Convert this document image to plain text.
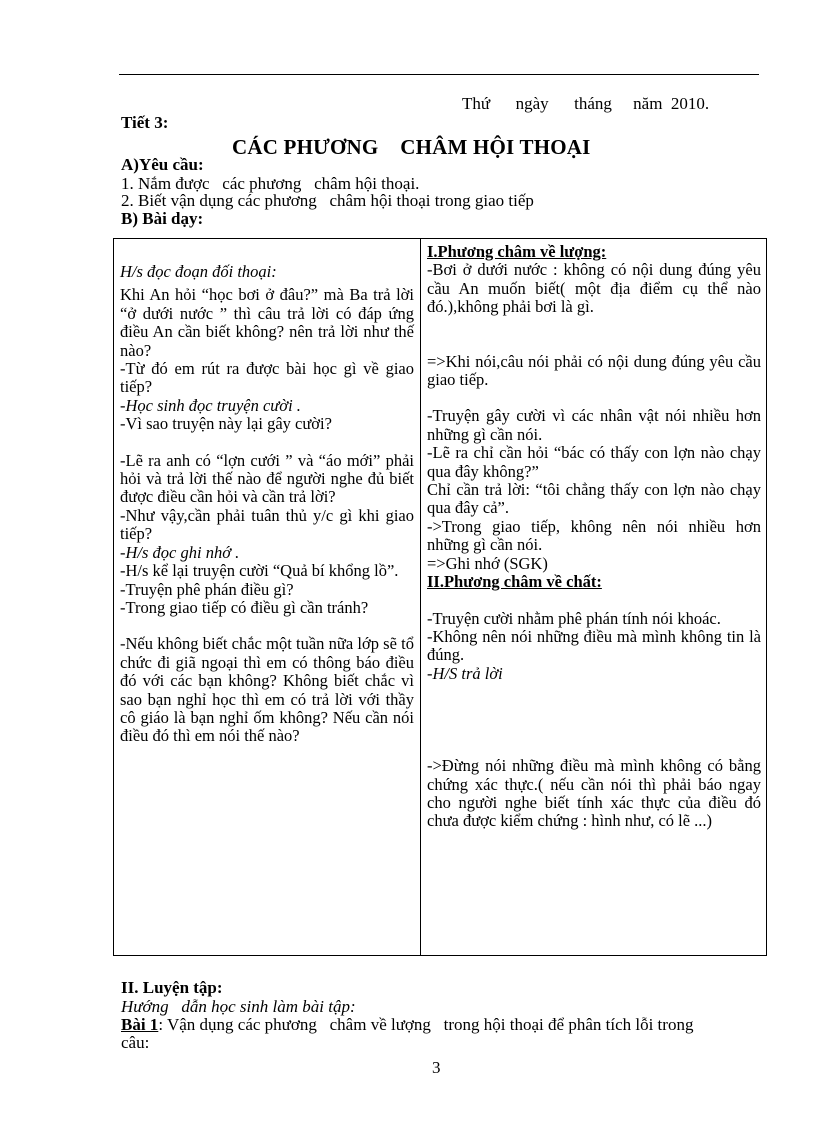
Thứ      ngày      tháng     năm  2010.
Tiết 3:
CÁC PHƯƠNG    CHÂM HỘI THOẠI
A)Yêu cầu:
1. Nắm được   các phương   châm hội thoại.
2. Biết vận dụng các phương   châm hội thoại trong giao tiếp
B) Bài dạy:

H/s đọc đoạn đối thoại:

Khi An hỏi “học bơi ở đâu?” mà Ba trả lời “ở dưới nước ” thì câu trả lời có đáp ứng điều An cần biết không? nên trả lời như thế nào?

-Từ đó em rút ra được bài học gì về giao tiếp?

-Học sinh đọc truyện cười .

-Vì sao truyện này lại gây cười?

-Lẽ ra anh có “lợn cưới ” và “áo mới” phải hỏi và trả lời thế nào để người nghe đủ biết được điều cần hỏi và cần trả lời?

-Như vậy,cần phải tuân thủ y/c gì khi giao tiếp?

-H/s đọc ghi nhớ .

-H/s kể lại truyện cười “Quả bí khổng lồ”.

-Truyện phê phán điều gì?

-Trong giao tiếp có điều gì cần tránh?

-Nếu không biết chắc một tuần nữa lớp sẽ tổ chức đi giã ngoại thì em có thông báo điều đó với các bạn không? Không biết chắc vì sao bạn nghỉ học thì em có trả lời với thầy cô giáo là bạn nghỉ ốm không? Nếu cần nói điều đó thì em nói thế nào?

I.Phương châm về lượng:

-Bơi ở dưới nước : không có nội dung đúng yêu cầu An muốn biết( một địa điểm cụ thể nào đó.),không phải bơi là gì.

=>Khi nói,câu nói phải có nội dung đúng yêu cầu giao tiếp.

-Truyện gây cười vì các nhân vật nói nhiều hơn những gì cần nói.

-Lẽ ra chỉ cần hỏi “bác có thấy con lợn nào chạy qua đây không?”

Chỉ cần trả lời: “tôi chẳng thấy con lợn nào chạy qua đây cả”.

->Trong giao tiếp, không nên nói nhiều hơn những gì cần nói.

=>Ghi nhớ (SGK)

II.Phương châm về chất:

-Truyện cười nhằm phê phán tính nói khoác.

-Không nên nói những điều mà mình không tin là đúng.

-H/S trả lời

->Đừng nói những điều mà mình không có bằng chứng xác thực.( nếu cần nói thì phải báo ngay cho người nghe biết tính xác thực của điều đó chưa được kiểm chứng : hình như, có lẽ ...)

II. Luyện tập:
Hướng   dẫn học sinh làm bài tập:
Bài 1: Vận dụng các phương   châm về lượng   trong hội thoại để phân tích lỗi trong
câu:
3
